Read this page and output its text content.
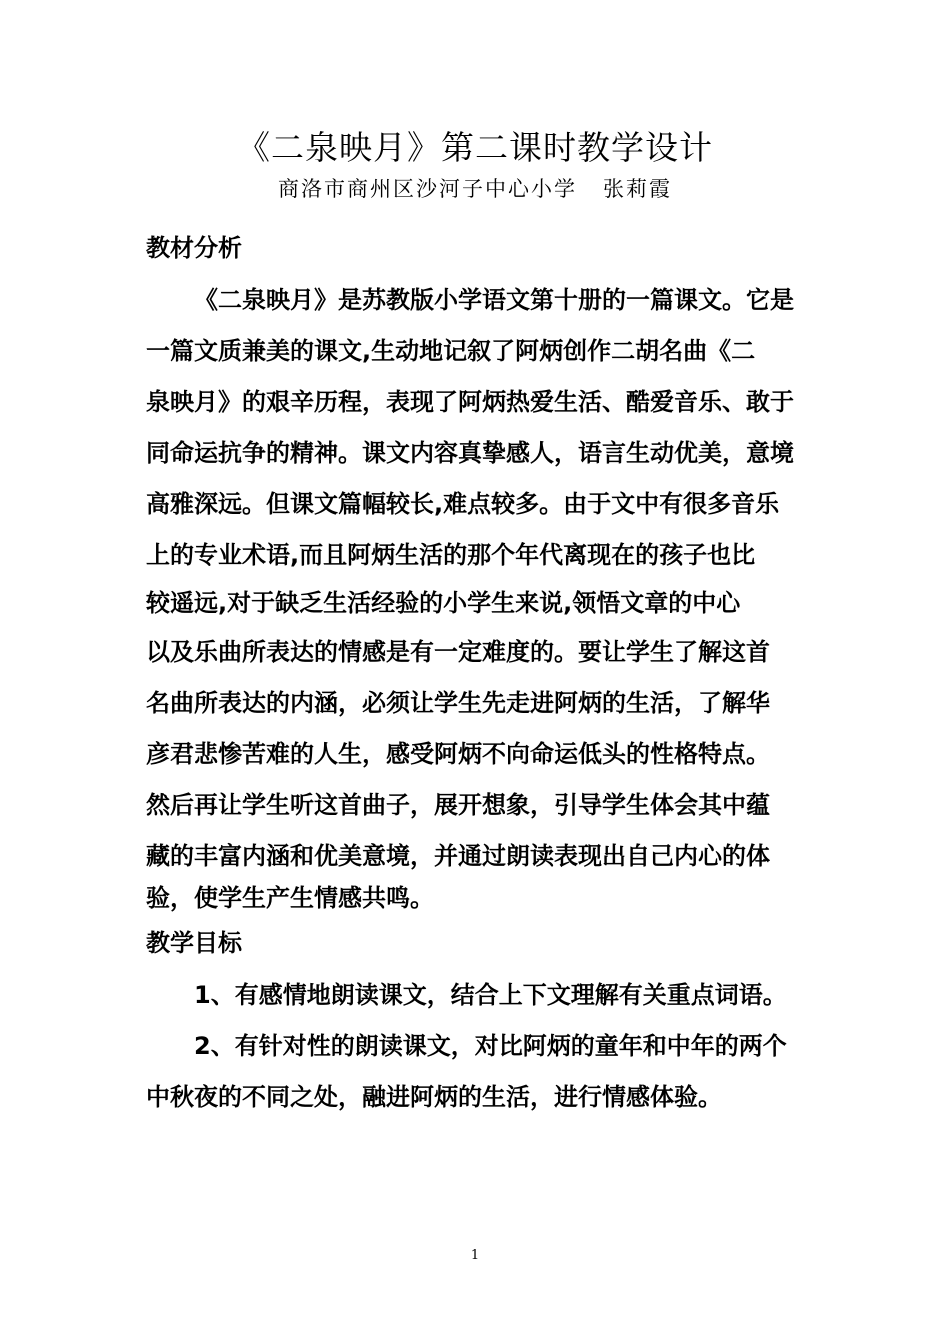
《二泉映月》第二课时教学设计
商洛市商州区沙河子中心小学 张莉霞
教材分析
《二泉映月》是苏教版小学语文第十册的一篇课文。它是
一篇文质兼美的课文,生动地记叙了阿炳创作二胡名曲《二
泉映月》的艰辛历程，表现了阿炳热爱生活、酷爱音乐、敢于
同命运抗争的精神。课文内容真挚感人，语言生动优美，意境
高雅深远。但课文篇幅较长,难点较多。由于文中有很多音乐
上的专业术语,而且阿炳生活的那个年代离现在的孩子也比
较遥远,对于缺乏生活经验的小学生来说,领悟文章的中心
以及乐曲所表达的情感是有一定难度的。要让学生了解这首
名曲所表达的内涵，必须让学生先走进阿炳的生活，了解华
彦君悲惨苦难的人生，感受阿炳不向命运低头的性格特点。
然后再让学生听这首曲子，展开想象，引导学生体会其中蕴
藏的丰富内涵和优美意境，并通过朗读表现出自己内心的体
验，使学生产生情感共鸣。
教学目标
1、有感情地朗读课文，结合上下文理解有关重点词语。
2、有针对性的朗读课文，对比阿炳的童年和中年的两个
中秋夜的不同之处，融进阿炳的生活，进行情感体验。
1
